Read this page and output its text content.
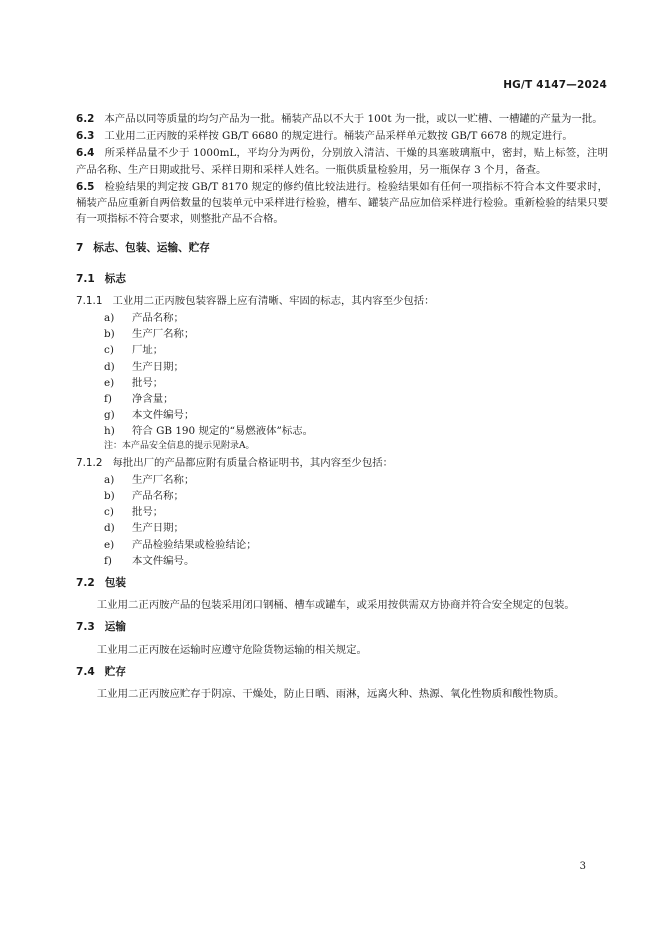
HG/T 4147—2024

6.2 本产品以同等质量的均匀产品为一批。桶装产品以不大于 100t 为一批，或以一贮槽、一槽罐的产量为一批。

6.3 工业用二正丙胺的采样按 GB/T 6680 的规定进行。桶装产品采样单元数按 GB/T 6678 的规定进行。

6.4 所采样品量不少于 1000mL，平均分为两份，分别放入清洁、干燥的具塞玻璃瓶中，密封，贴上标签，注明产品名称、生产日期或批号、采样日期和采样人姓名。一瓶供质量检验用，另一瓶保存 3 个月，备查。

6.5 检验结果的判定按 GB/T 8170 规定的修约值比较法进行。检验结果如有任何一项指标不符合本文件要求时，桶装产品应重新自两倍数量的包装单元中采样进行检验，槽车、罐装产品应加倍采样进行检验。重新检验的结果只要有一项指标不符合要求，则整批产品不合格。

7 标志、包装、运输、贮存
7.1 标志

7.1.1 工业用二正丙胺包装容器上应有清晰、牢固的标志，其内容至少包括：

a)	产品名称；
b)	生产厂名称；
c)	厂址；
d)	生产日期；
e)	批号；
f)	净含量；
g)	本文件编号；
h)	符合 GB 190 规定的“易燃液体”标志。

注：本产品安全信息的提示见附录A。

7.1.2 每批出厂的产品都应附有质量合格证明书，其内容至少包括：

a)	生产厂名称；
b)	产品名称；
c)	批号；
d)	生产日期；
e)	产品检验结果或检验结论；
f)	本文件编号。
7.2 包装

工业用二正丙胺产品的包装采用闭口钢桶、槽车或罐车，或采用按供需双方协商并符合安全规定的包装。

7.3 运输

工业用二正丙胺在运输时应遵守危险货物运输的相关规定。

7.4 贮存

工业用二正丙胺应贮存于阴凉、干燥处，防止日晒、雨淋，远离火种、热源、氧化性物质和酸性物质。

3
